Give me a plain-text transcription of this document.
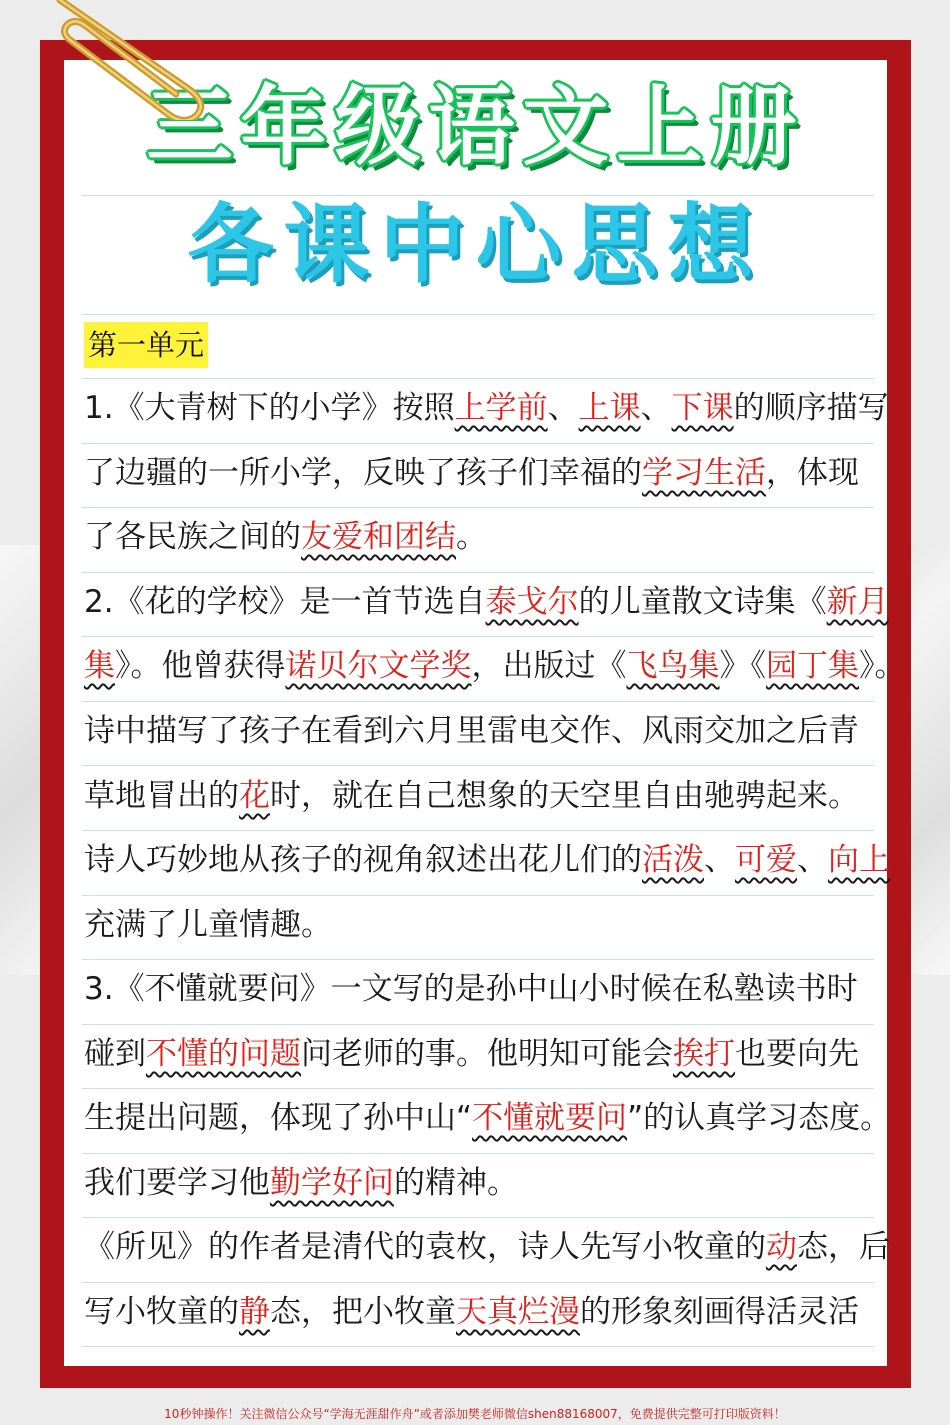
三年级语文上册
各课中心思想
第一单元
1.《大青树下的小学》按照上学前、上课、下课的顺序描写
了边疆的一所小学，反映了孩子们幸福的学习生活，体现
了各民族之间的友爱和团结。
2.《花的学校》是一首节选自泰戈尔的儿童散文诗集《新月
集》。他曾获得诺贝尔文学奖，出版过《飞鸟集》《园丁集》。
诗中描写了孩子在看到六月里雷电交作、风雨交加之后青
草地冒出的花时，就在自己想象的天空里自由驰骋起来。
诗人巧妙地从孩子的视角叙述出花儿们的活泼、可爱、向上
充满了儿童情趣。
3.《不懂就要问》一文写的是孙中山小时候在私塾读书时
碰到不懂的问题问老师的事。他明知可能会挨打也要向先
生提出问题，体现了孙中山“不懂就要问”的认真学习态度。
我们要学习他勤学好问的精神。
《所见》的作者是清代的袁枚，诗人先写小牧童的动态，后
写小牧童的静态，把小牧童天真烂漫的形象刻画得活灵活
10秒钟操作！关注微信公众号“学海无涯甜作舟”或者添加樊老师微信shen88168007，免费提供完整可打印版资料！
